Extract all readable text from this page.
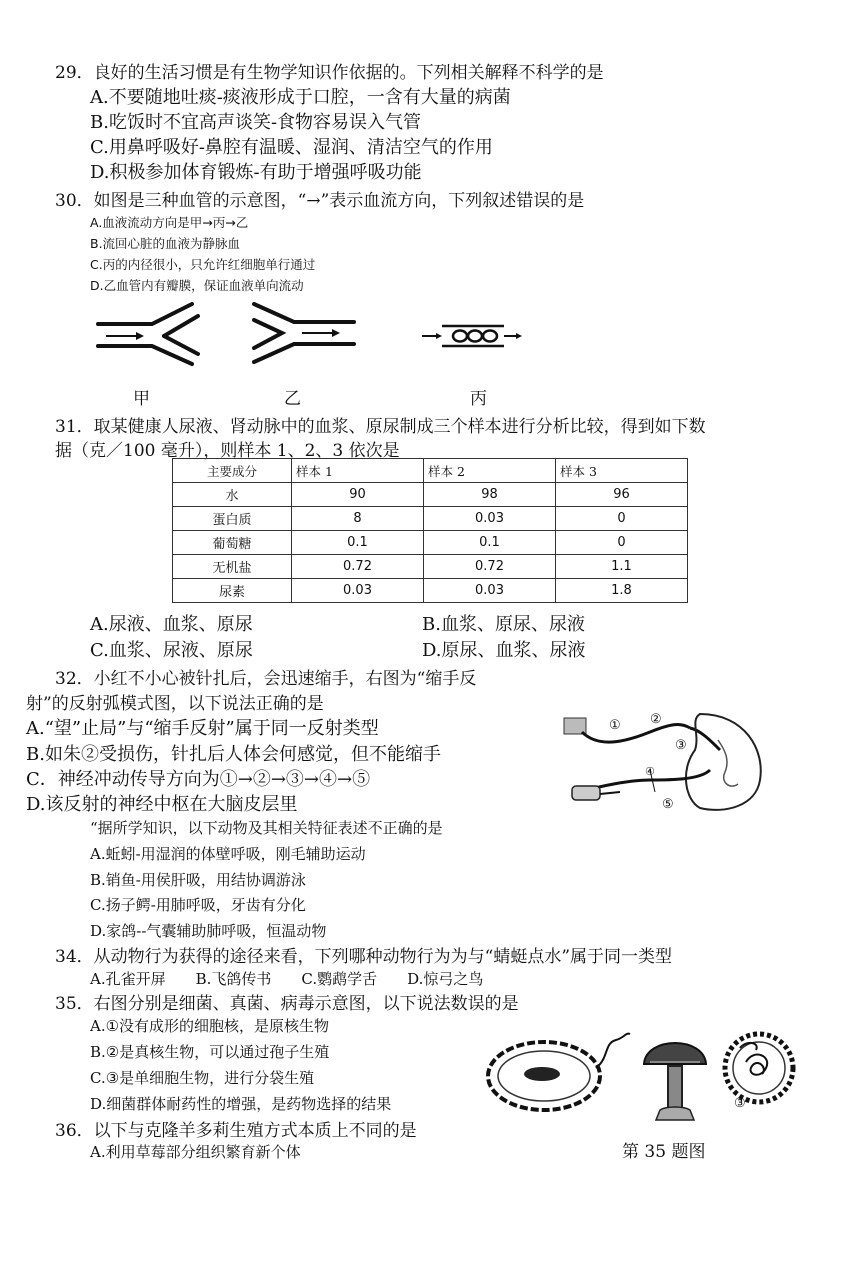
29．良好的生活习惯是有生物学知识作依据的。下列相关解释不科学的是
A.不要随地吐痰-痰液形成于口腔，一含有大量的病菌
B.吃饭时不宜高声谈笑-食物容易误入气管
C.用鼻呼吸好-鼻腔有温暖、湿润、清洁空气的作用
D.积极参加体育锻炼-有助于增强呼吸功能
30．如图是三种血管的示意图，“→”表示血流方向，下列叙述错误的是
A.血液流动方向是甲→丙→乙
B.流回心脏的血液为静脉血
C.丙的内径很小，只允许红细胞单行通过
D.乙血管内有瓣膜，保证血液单向流动
甲	乙	丙
31．取某健康人尿液、肾动脉中的血浆、原尿制成三个样本进行分析比较，得到如下数
据（克／100 毫升），则样本 1、2、3 依次是
主要成分	样本 1	样本 2	样本 3
水	90	98	96
蛋白质	8	0.03	0
葡萄糖	0.1	0.1	0
无机盐	0.72	0.72	1.1
尿素	0.03	0.03	1.8
A.尿液、血浆、原尿	B.血浆、原尿、尿液
C.血浆、尿液、原尿	D.原尿、血浆、尿液
32．小红不小心被针扎后，会迅速缩手，右图为“缩手反
射”的反射弧模式图，以下说法正确的是
A.“望”止局”与“缩手反射”属于同一反射类型
B.如朱②受损伤，针扎后人体会何感觉，但不能缩手
C．神经冲动传导方向为①→②→③→④→⑤
D.该反射的神经中枢在大脑皮层里
① ②
③
④
⑤
“据所学知识，以下动物及其相关特征表述不正确的是
A.蚯蚓-用湿润的体壁呼吸，刚毛辅助运动
B.销鱼-用侯肝吸，用结协调游泳
C.扬子鳄-用肺呼吸，牙齿有分化
D.家鸽--气囊辅助肺呼吸，恒温动物
34．从动物行为获得的途径来看，下列哪种动物行为为与“蜻蜓点水”属于同一类型
A.孔雀开屏　　B.飞鸽传书　　C.鹦鹉学舌　　D.惊弓之鸟
35．右图分别是细菌、真菌、病毒示意图，以下说法数误的是
A.①没有成形的细胞核，是原核生物
B.②是真核生物，可以通过孢子生殖
C.③是单细胞生物，进行分袋生殖
D.细菌群体耐药性的增强，是药物选择的结果	③
36．以下与克隆羊多莉生殖方式本质上不同的是
A.利用草莓部分组织繁育新个体	第 35 题图
